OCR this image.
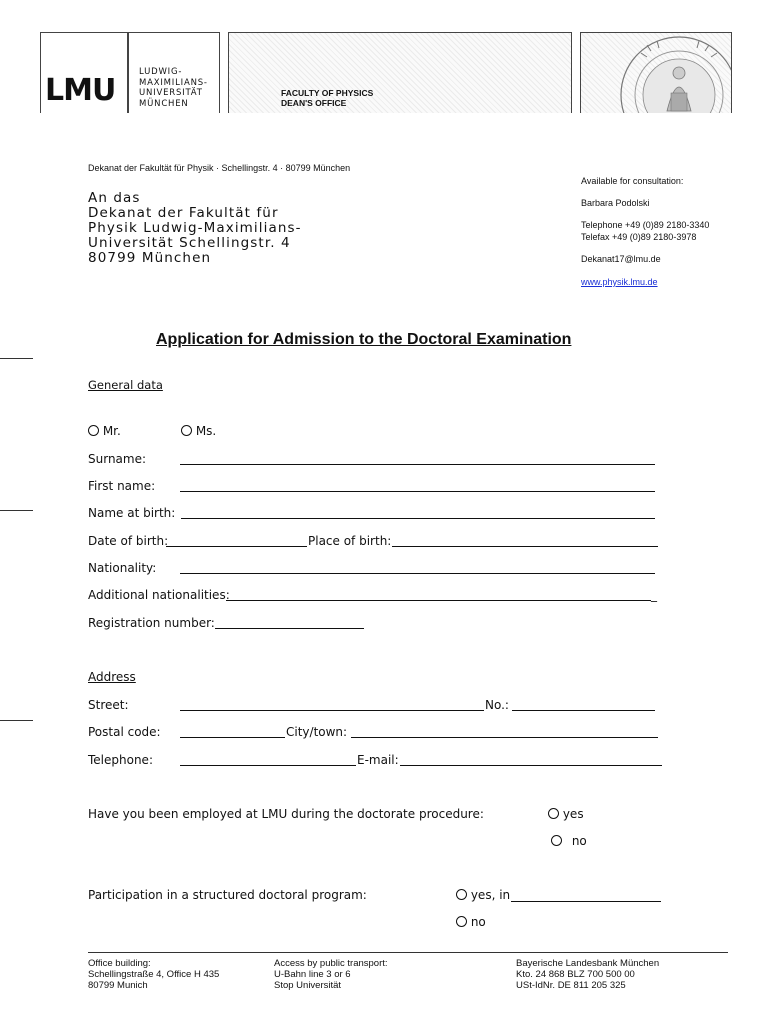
LMU
LUDWIG-
MAXIMILIANS-
UNIVERSITÄT
MÜNCHEN
FACULTY OF PHYSICS
DEAN'S OFFICE
Dekanat der Fakultät für Physik · Schellingstr. 4 · 80799 München
An das
Dekanat der Fakultät für
Physik Ludwig-Maximilians-
Universität Schellingstr. 4
80799 München
Available for consultation:
Barbara Podolski
Telephone +49 (0)89 2180-3340
Telefax +49 (0)89 2180-3978
Dekanat17@lmu.de
www.physik.lmu.de
Application for Admission to the Doctoral Examination
General data
Mr.	Ms.
Surname:
First name:
Name at birth:
Date of birth:	Place of birth:
Nationality:
Additional nationalities:	_
Registration number:
Address
Street:	No.:
Postal code:	City/town:
Telephone:	E-mail:
Have you been employed at LMU during the doctorate procedure:	yes
no
Participation in a structured doctoral program:	yes, in
no
Office building:
Schellingstraße 4, Office H 435
80799 Munich
Access by public transport:
U-Bahn line 3 or 6
Stop Universität
Bayerische Landesbank München
Kto. 24 868 BLZ 700 500 00
USt-IdNr. DE 811 205 325
